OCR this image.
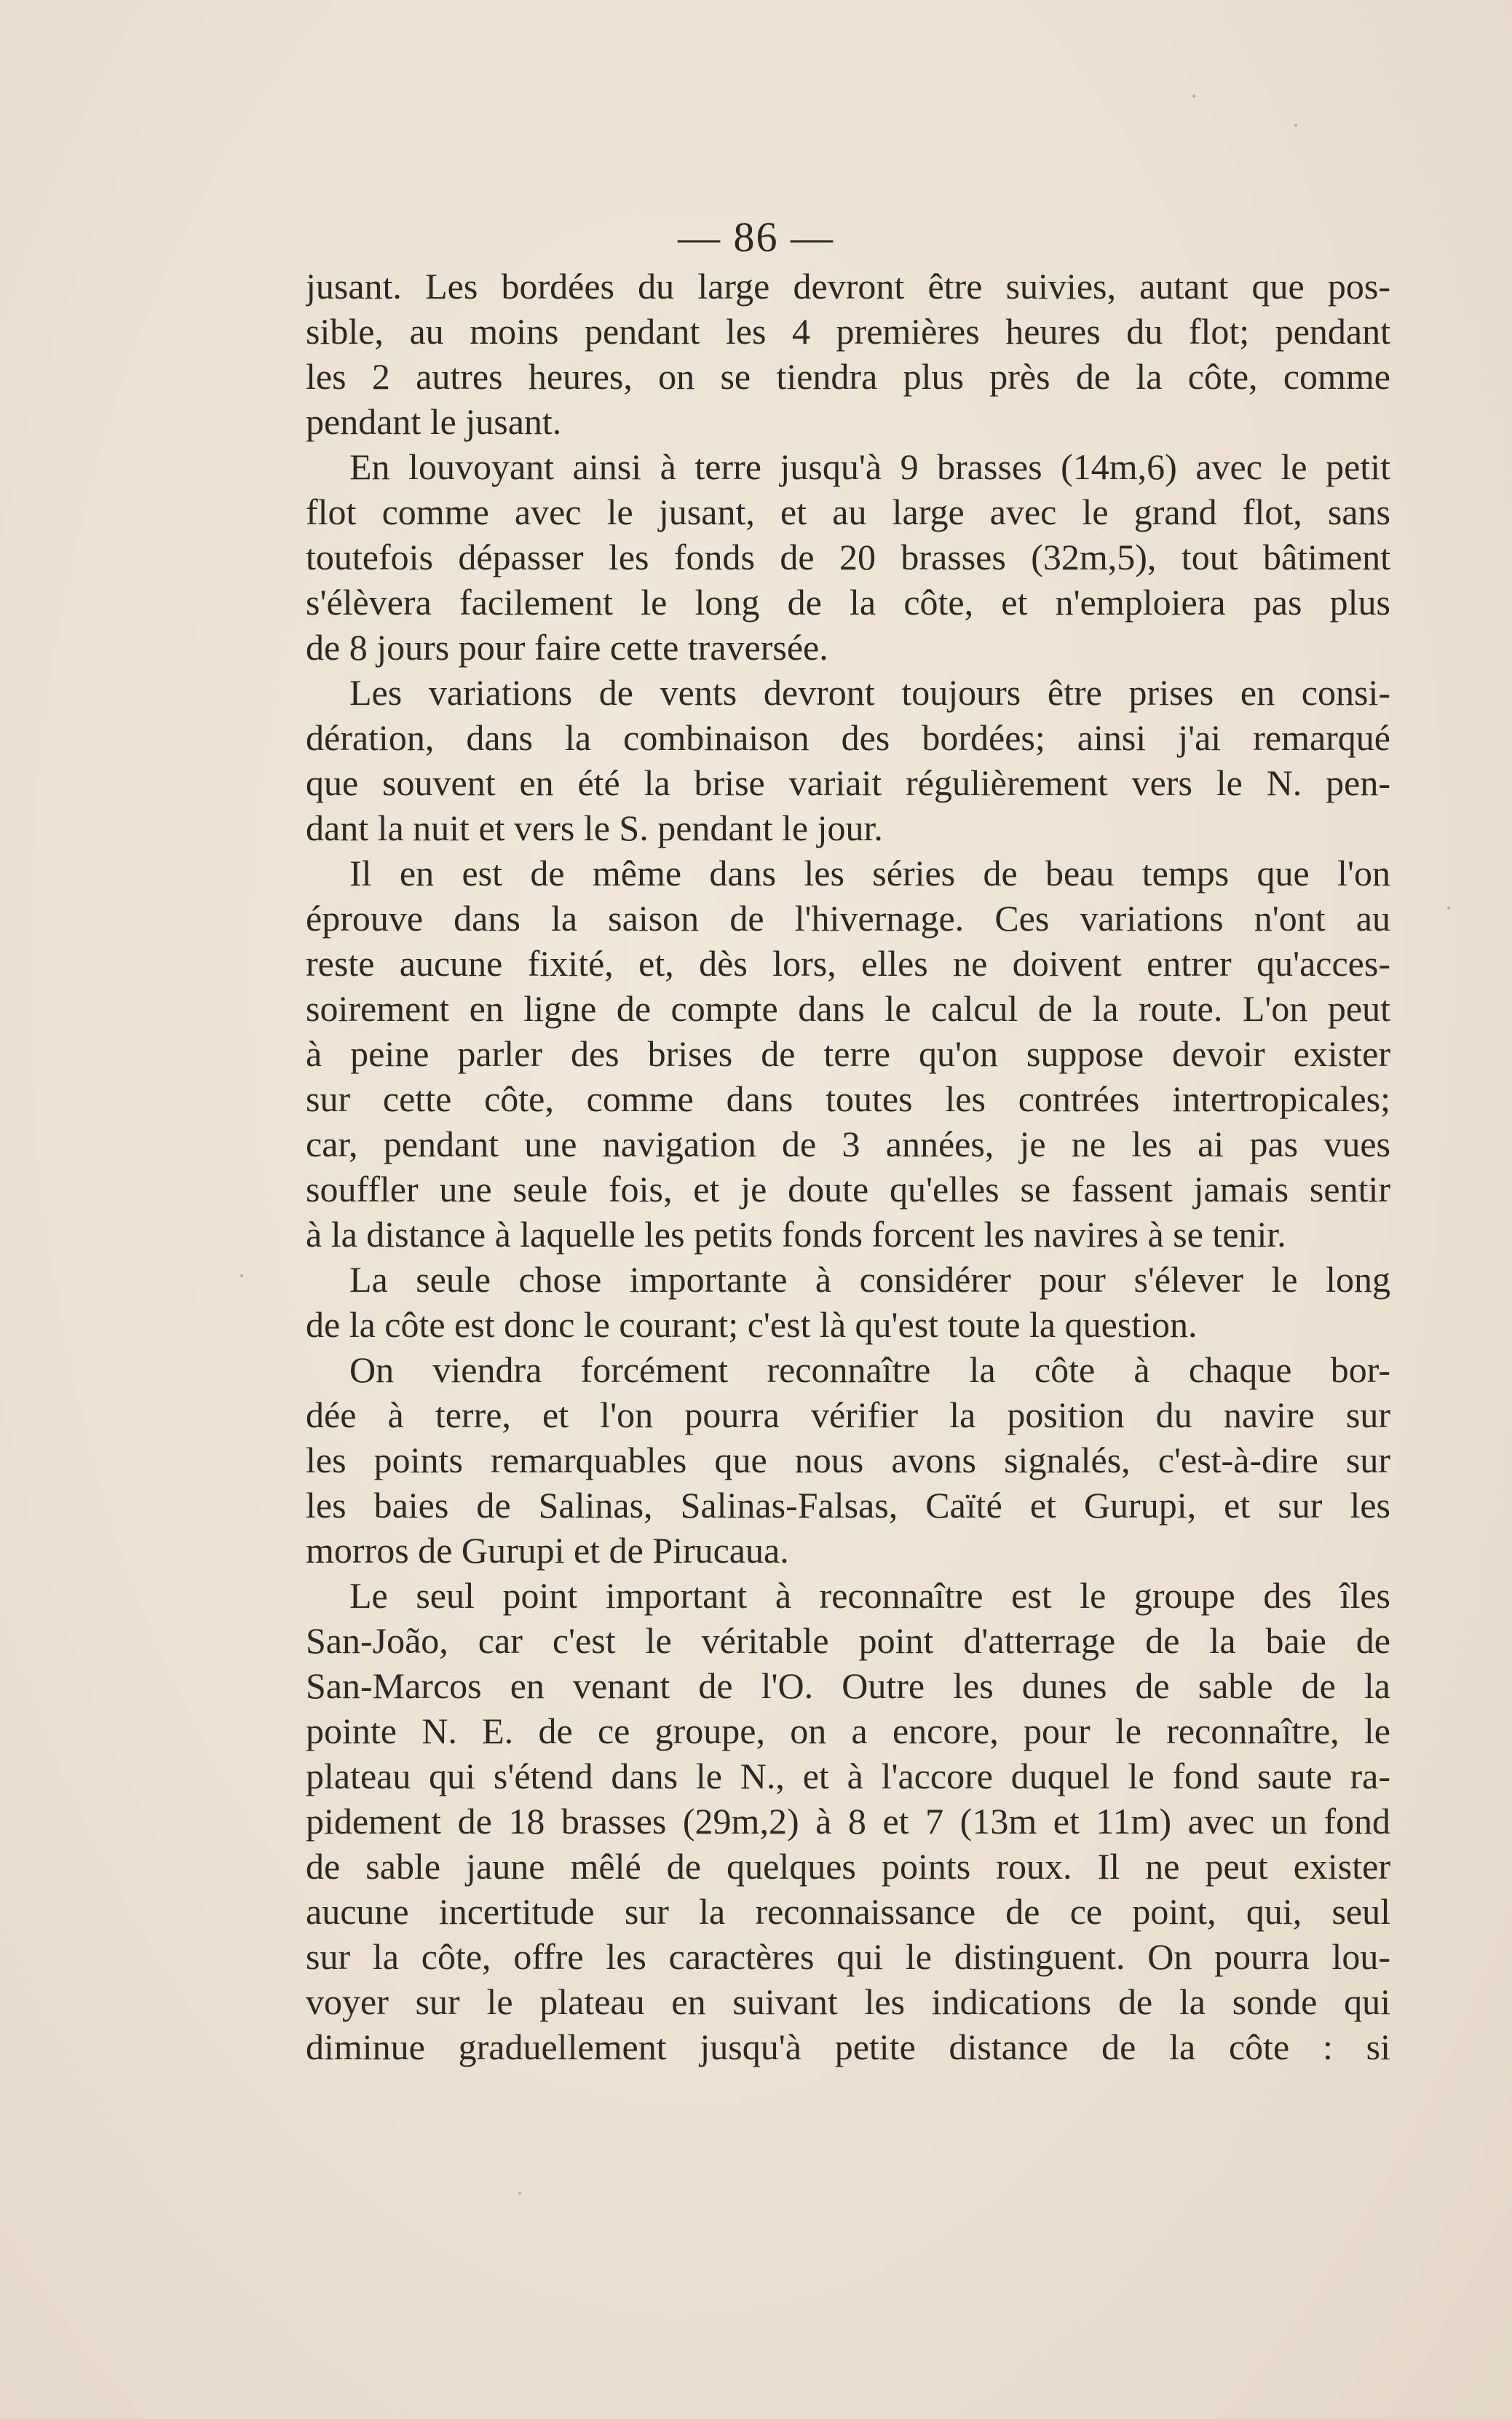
— 86 —
jusant. Les bordées du large devront être suivies, autant que pos-
sible, au moins pendant les 4 premières heures du flot; pendant
les 2 autres heures, on se tiendra plus près de la côte, comme
pendant le jusant.
En louvoyant ainsi à terre jusqu'à 9 brasses (14m,6) avec le petit
flot comme avec le jusant, et au large avec le grand flot, sans
toutefois dépasser les fonds de 20 brasses (32m,5), tout bâtiment
s'élèvera facilement le long de la côte, et n'emploiera pas plus
de 8 jours pour faire cette traversée.
Les variations de vents devront toujours être prises en consi-
dération, dans la combinaison des bordées; ainsi j'ai remarqué
que souvent en été la brise variait régulièrement vers le N. pen-
dant la nuit et vers le S. pendant le jour.
Il en est de même dans les séries de beau temps que l'on
éprouve dans la saison de l'hivernage. Ces variations n'ont au
reste aucune fixité, et, dès lors, elles ne doivent entrer qu'acces-
soirement en ligne de compte dans le calcul de la route. L'on peut
à peine parler des brises de terre qu'on suppose devoir exister
sur cette côte, comme dans toutes les contrées intertropicales;
car, pendant une navigation de 3 années, je ne les ai pas vues
souffler une seule fois, et je doute qu'elles se fassent jamais sentir
à la distance à laquelle les petits fonds forcent les navires à se tenir.
La seule chose importante à considérer pour s'élever le long
de la côte est donc le courant; c'est là qu'est toute la question.
On viendra forcément reconnaître la côte à chaque bor-
dée à terre, et l'on pourra vérifier la position du navire sur
les points remarquables que nous avons signalés, c'est-à-dire sur
les baies de Salinas, Salinas-Falsas, Caïté et Gurupi, et sur les
morros de Gurupi et de Pirucaua.
Le seul point important à reconnaître est le groupe des îles
San-João, car c'est le véritable point d'atterrage de la baie de
San-Marcos en venant de l'O. Outre les dunes de sable de la
pointe N. E. de ce groupe, on a encore, pour le reconnaître, le
plateau qui s'étend dans le N., et à l'accore duquel le fond saute ra-
pidement de 18 brasses (29m,2) à 8 et 7 (13m et 11m) avec un fond
de sable jaune mêlé de quelques points roux. Il ne peut exister
aucune incertitude sur la reconnaissance de ce point, qui, seul
sur la côte, offre les caractères qui le distinguent. On pourra lou-
voyer sur le plateau en suivant les indications de la sonde qui
diminue graduellement jusqu'à petite distance de la côte : si
